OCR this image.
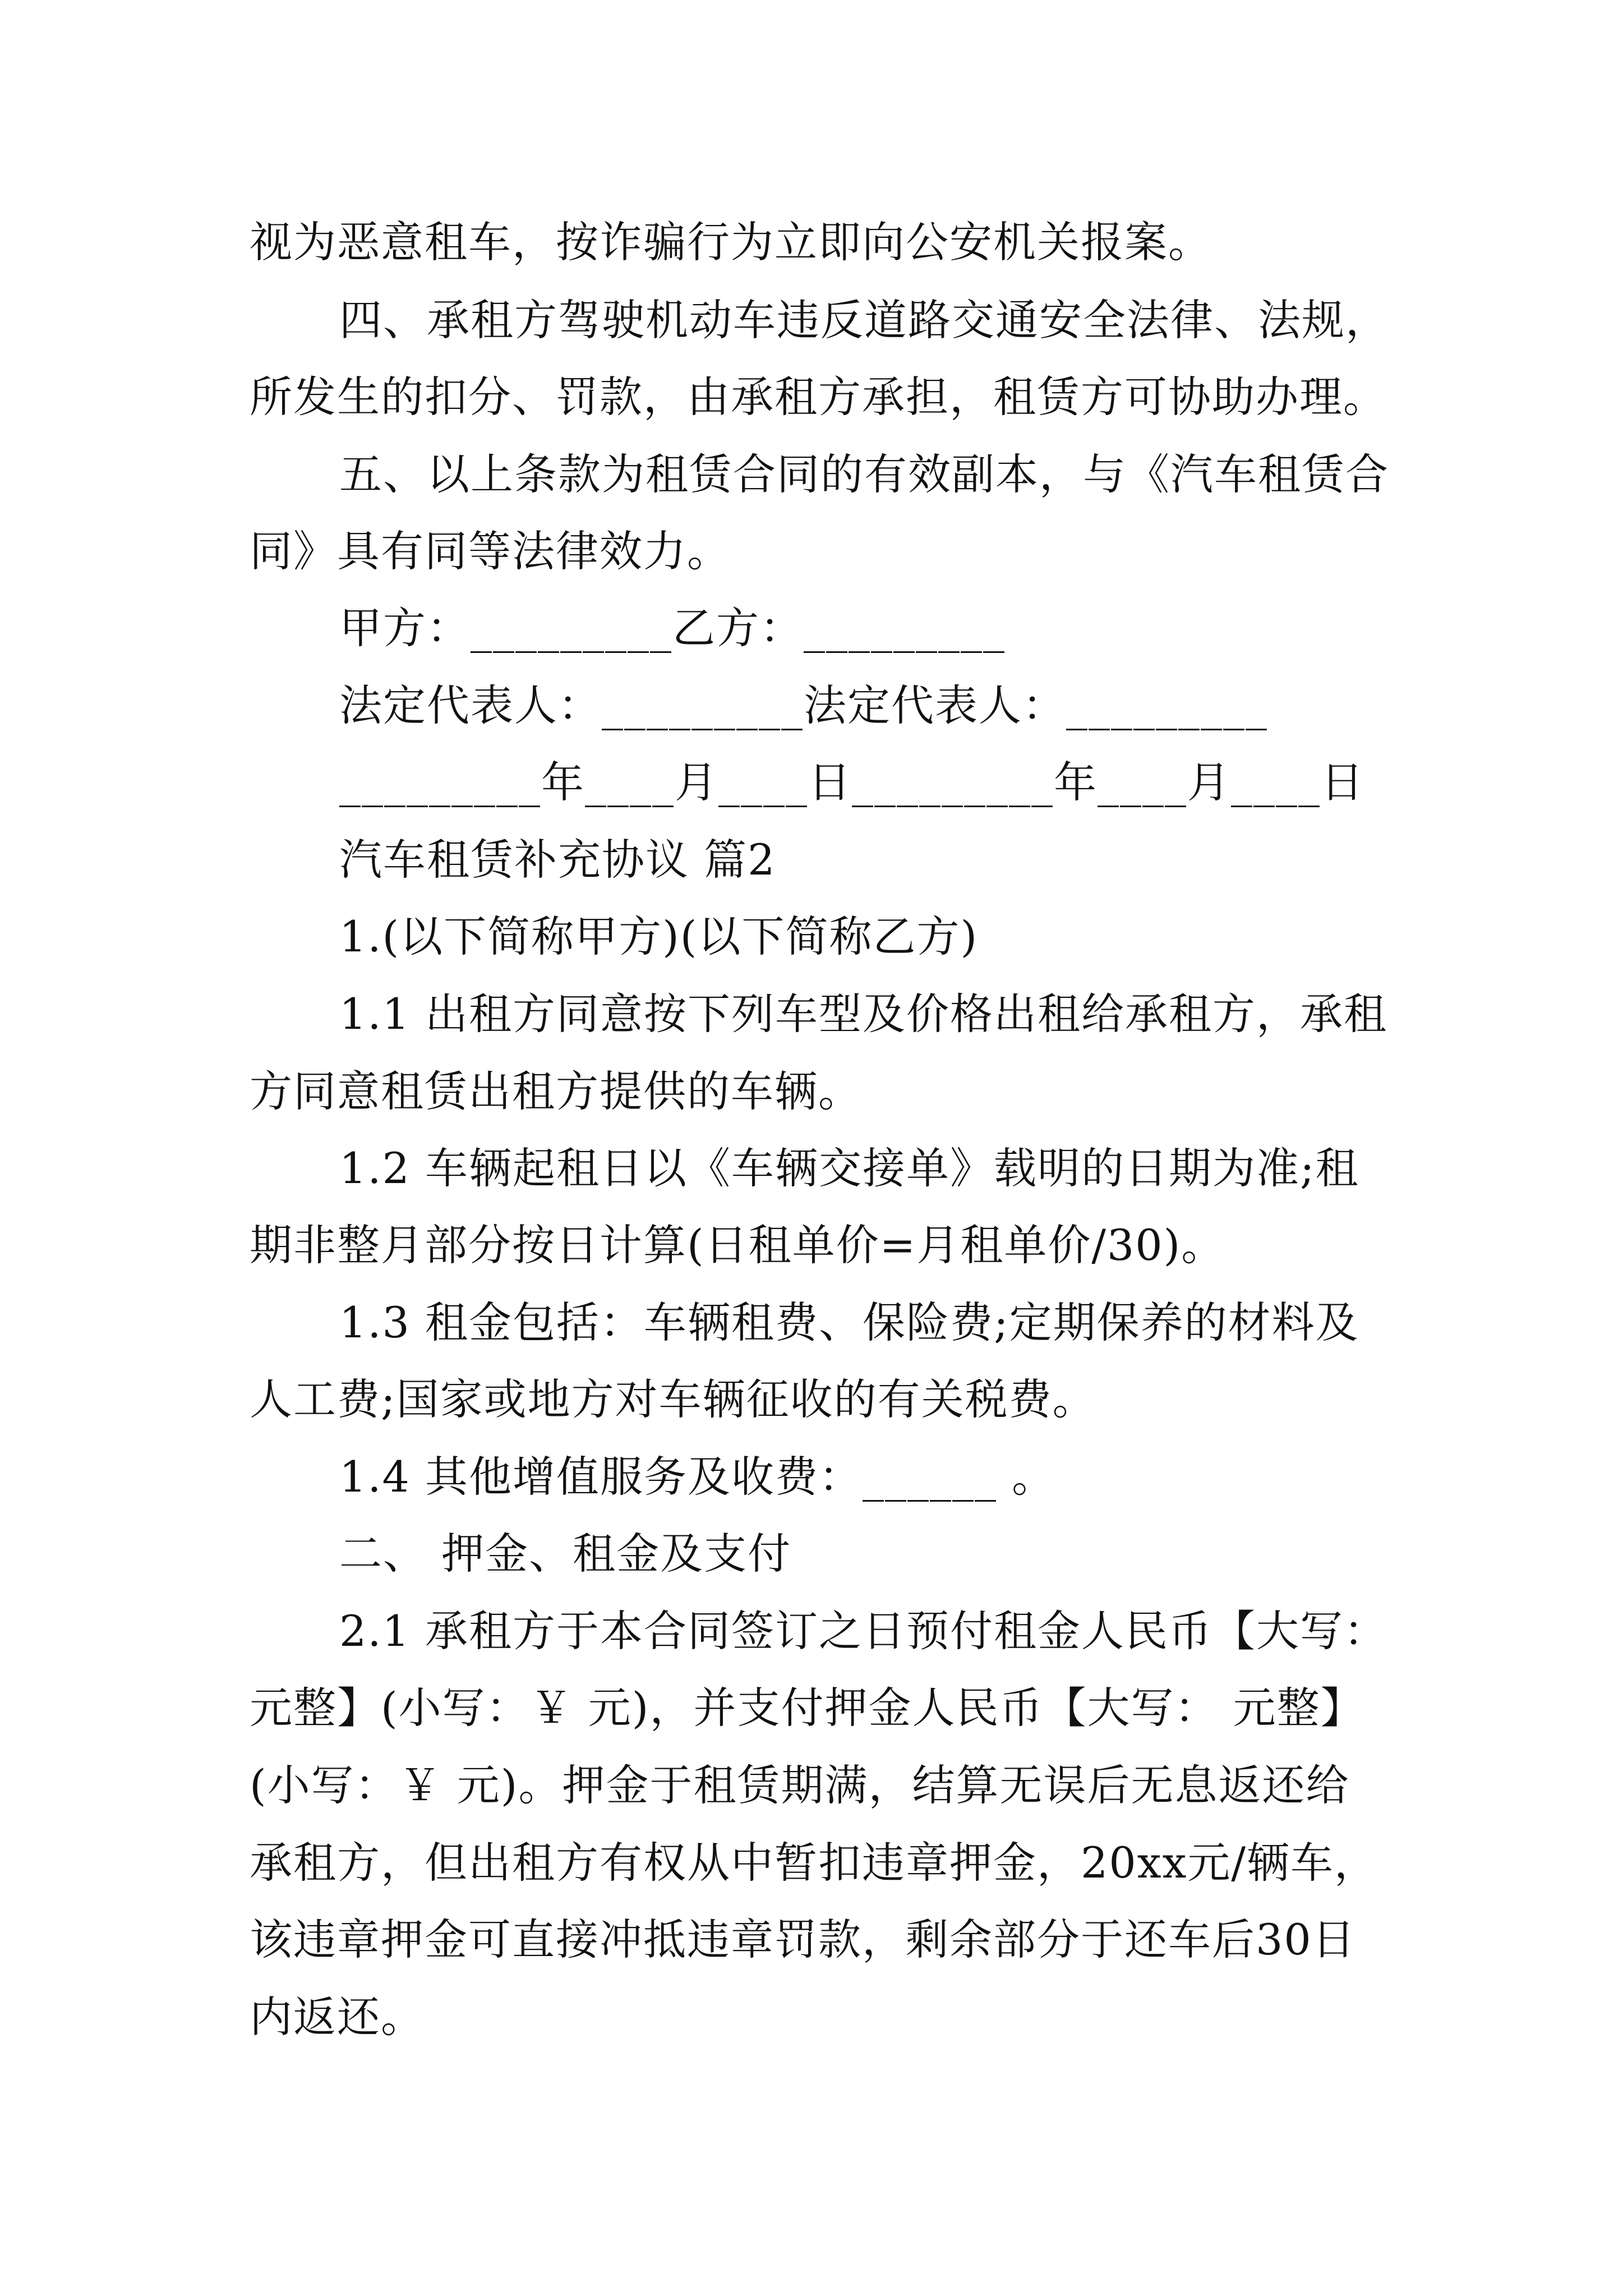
视为恶意租车，按诈骗行为立即向公安机关报案。
四、承租方驾驶机动车违反道路交通安全法律、法规，
所发生的扣分、罚款，由承租方承担，租赁方可协助办理。
五、以上条款为租赁合同的有效副本，与《汽车租赁合
同》具有同等法律效力。
甲方：_________乙方：_________
法定代表人：_________法定代表人：_________
_________年____月____日_________年____月____日
汽车租赁补充协议 篇2
1.(以下简称甲方)(以下简称乙方)
1.1 出租方同意按下列车型及价格出租给承租方，承租
方同意租赁出租方提供的车辆。
1.2 车辆起租日以《车辆交接单》载明的日期为准;租
期非整月部分按日计算(日租单价=月租单价/30)。
1.3 租金包括：车辆租费、保险费;定期保养的材料及
人工费;国家或地方对车辆征收的有关税费。
1.4 其他增值服务及收费：______ 。
二、 押金、租金及支付
2.1 承租方于本合同签订之日预付租金人民币【大写：
元整】(小写：￥ 元)，并支付押金人民币【大写： 元整】
(小写：￥ 元)。押金于租赁期满，结算无误后无息返还给
承租方，但出租方有权从中暂扣违章押金，20xx元/辆车，
该违章押金可直接冲抵违章罚款，剩余部分于还车后30日
内返还。
